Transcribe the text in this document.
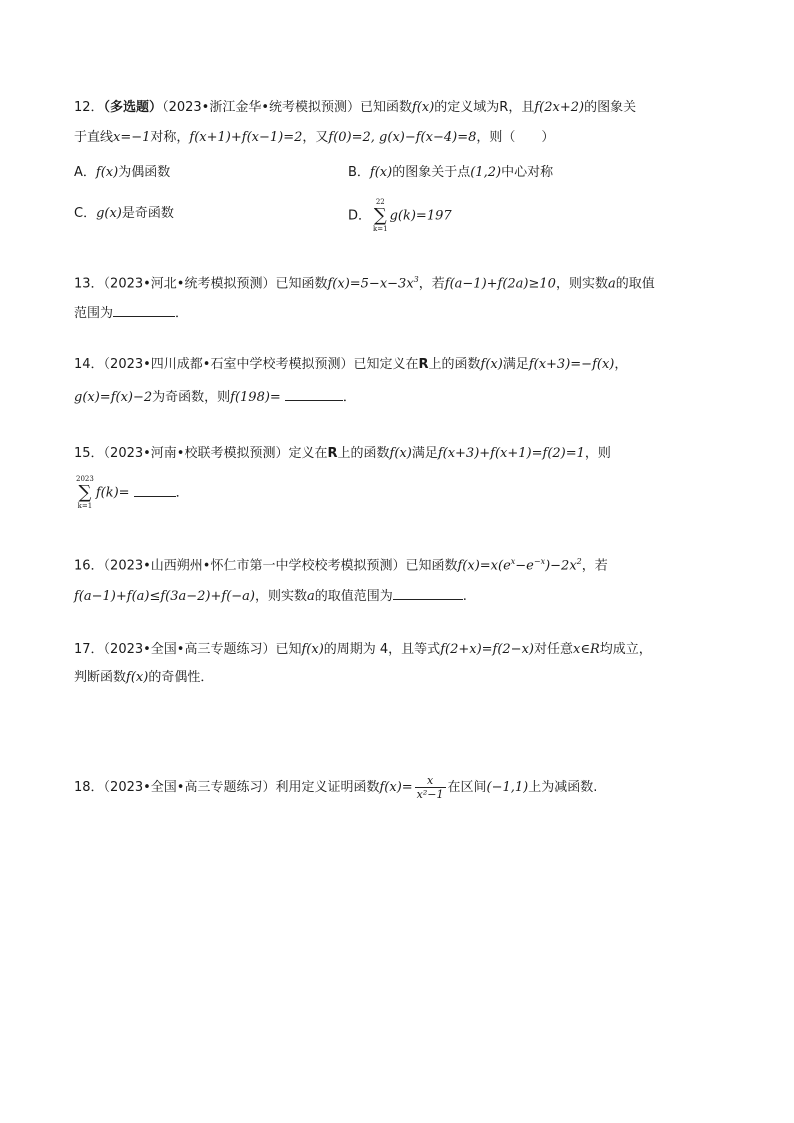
12．（多选题）（2023•浙江金华•统考模拟预测）已知函数f(x)的定义域为R，且f(2x+2)的图象关
于直线x=−1对称，f(x+1)+f(x−1)=2，又f(0)=2, g(x)−f(x−4)=8，则（　　）
A．f(x)为偶函数	B．f(x)的图象关于点(1,2)中心对称
C．g(x)是奇函数	D．
22
∑
k=1
g(k)=197
13．（2023•河北•统考模拟预测）已知函数$f(x)=5-x-3x^3$，若f(a−1)+f(2a)≥10，则实数a的取值
范围为	．
14．（2023•四川成都•石室中学校考模拟预测）已知定义在R上的函数f(x)满足f(x+3)=−f(x)，
g(x)=f(x)−2为奇函数，则f(198)=	．
15．（2023•河南•校联考模拟预测）定义在R上的函数f(x)满足f(x+3)+f(x+1)=f(2)=1，则
2023
∑
k=1
f(k)=	．
16．（2023•山西朔州•怀仁市第一中学校校考模拟预测）已知函数$f(x)=x(e^x-e^{-x})-2x^2$，若
f(a−1)+f(a)≤f(3a−2)+f(−a)，则实数a的取值范围为	.
17．（2023•全国•高三专题练习）已知f(x)的周期为 4，且等式f(2+x)=f(2−x)对任意x∈R均成立，
判断函数f(x)的奇偶性．
18．（2023•全国•高三专题练习）利用定义证明函数$f(x)= \frac{x}{\text{x²−1}}$ 在区间(−1,1)上为减函数.
